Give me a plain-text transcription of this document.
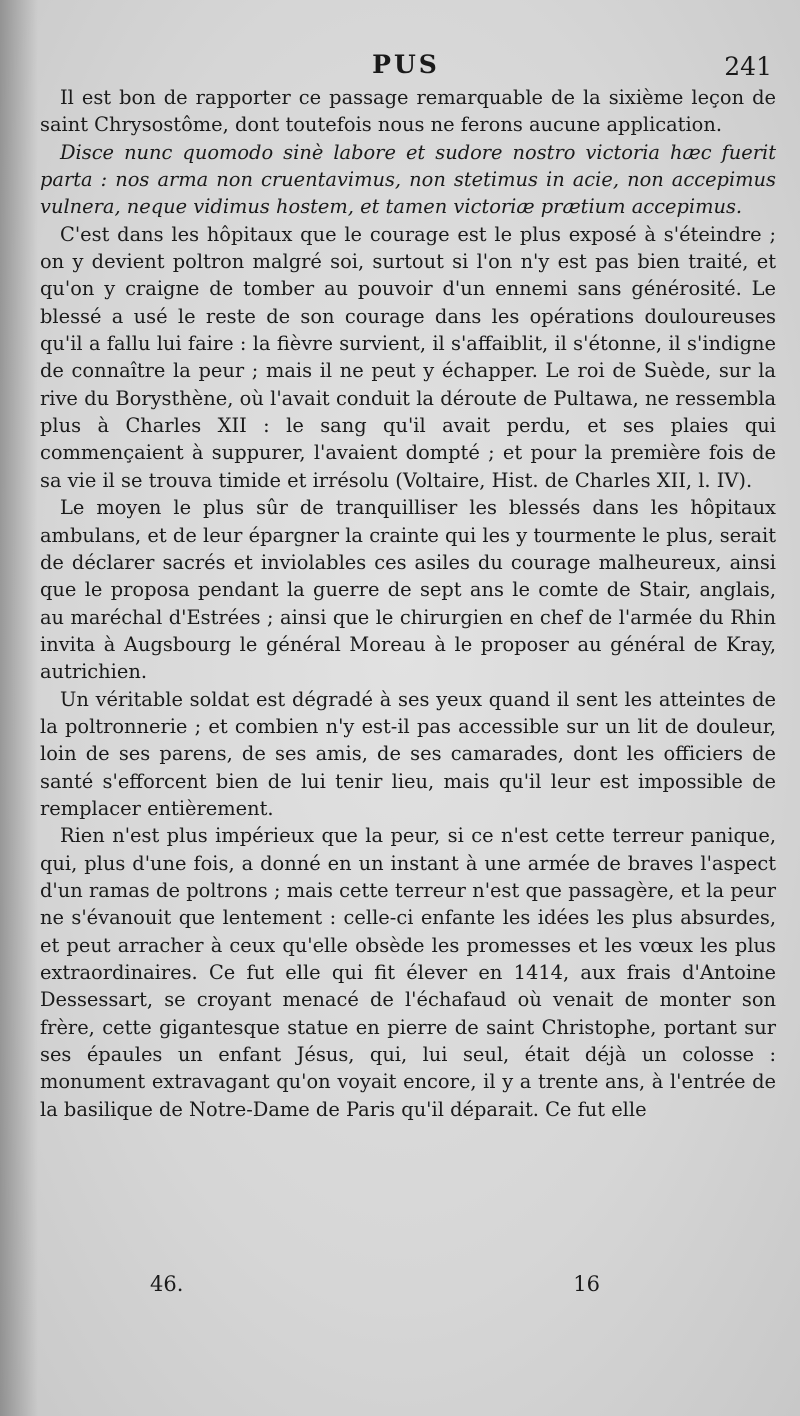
PUS	241

Il est bon de rapporter ce passage remarquable de la sixième leçon de saint Chrysostôme, dont toutefois nous ne ferons aucune application.

Disce nunc quomodo sinè labore et sudore nostro victoria hæc fuerit parta : nos arma non cruentavimus, non stetimus in acie, non accepimus vulnera, neque vidimus hostem, et tamen victoriæ prætium accepimus.

C'est dans les hôpitaux que le courage est le plus exposé à s'éteindre ; on y devient poltron malgré soi, surtout si l'on n'y est pas bien traité, et qu'on y craigne de tomber au pouvoir d'un ennemi sans générosité. Le blessé a usé le reste de son courage dans les opérations douloureuses qu'il a fallu lui faire : la fièvre survient, il s'affaiblit, il s'étonne, il s'indigne de connaître la peur ; mais il ne peut y échapper. Le roi de Suède, sur la rive du Borysthène, où l'avait conduit la déroute de Pultawa, ne ressembla plus à Charles XII : le sang qu'il avait perdu, et ses plaies qui commençaient à suppurer, l'avaient dompté ; et pour la première fois de sa vie il se trouva timide et irrésolu (Voltaire, Hist. de Charles XII, l. IV).

Le moyen le plus sûr de tranquilliser les blessés dans les hôpitaux ambulans, et de leur épargner la crainte qui les y tourmente le plus, serait de déclarer sacrés et inviolables ces asiles du courage malheureux, ainsi que le proposa pendant la guerre de sept ans le comte de Stair, anglais, au maréchal d'Estrées ; ainsi que le chirurgien en chef de l'armée du Rhin invita à Augsbourg le général Moreau à le proposer au général de Kray, autrichien.

Un véritable soldat est dégradé à ses yeux quand il sent les atteintes de la poltronnerie ; et combien n'y est-il pas accessible sur un lit de douleur, loin de ses parens, de ses amis, de ses camarades, dont les officiers de santé s'efforcent bien de lui tenir lieu, mais qu'il leur est impossible de remplacer entièrement.

Rien n'est plus impérieux que la peur, si ce n'est cette terreur panique, qui, plus d'une fois, a donné en un instant à une armée de braves l'aspect d'un ramas de poltrons ; mais cette terreur n'est que passagère, et la peur ne s'évanouit que lentement : celle-ci enfante les idées les plus absurdes, et peut arracher à ceux qu'elle obsède les promesses et les vœux les plus extraordinaires. Ce fut elle qui fit élever en 1414, aux frais d'Antoine Dessessart, se croyant menacé de l'échafaud où venait de monter son frère, cette gigantesque statue en pierre de saint Christophe, portant sur ses épaules un enfant Jésus, qui, lui seul, était déjà un colosse : monument extravagant qu'on voyait encore, il y a trente ans, à l'entrée de la basilique de Notre-Dame de Paris qu'il déparait. Ce fut elle

46.	16
